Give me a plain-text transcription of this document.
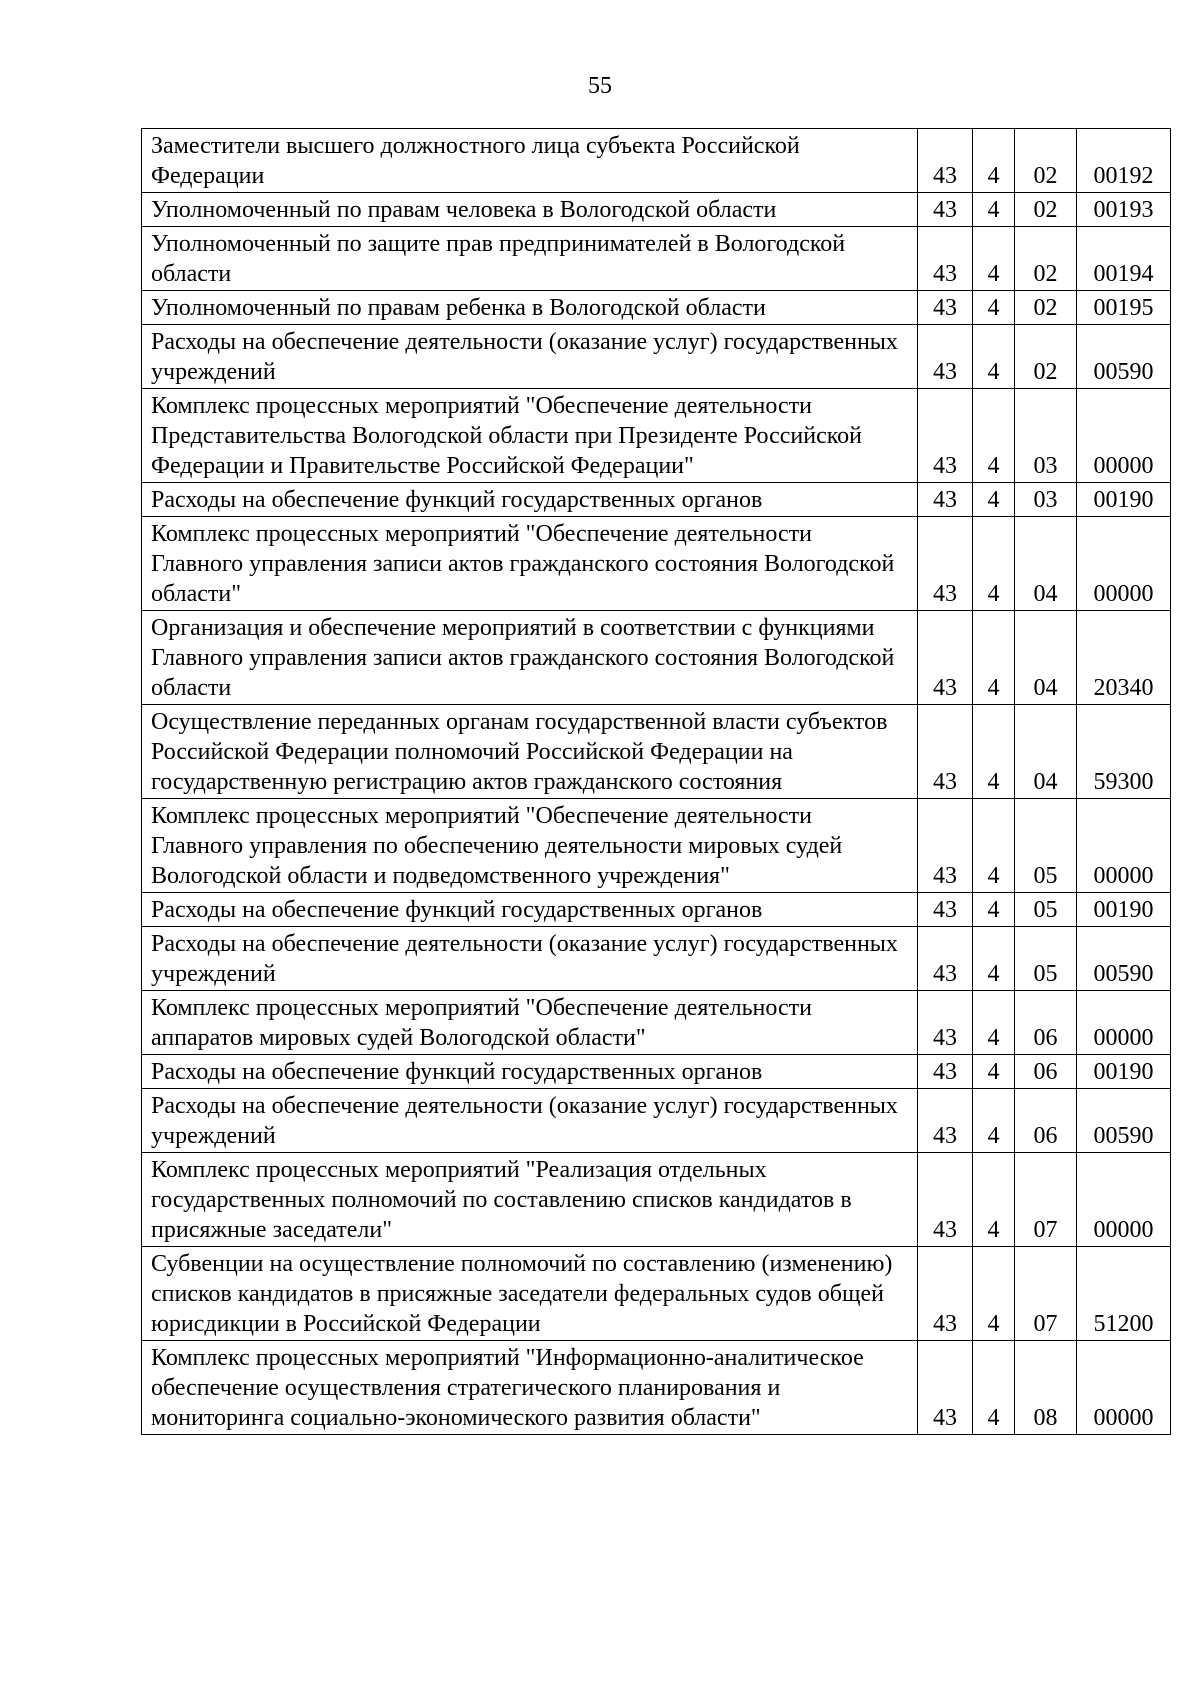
55
Заместители высшего должностного лица субъекта Российской Федерации	43	4	02	00192
Уполномоченный по правам человека в Вологодской области	43	4	02	00193
Уполномоченный по защите прав предпринимателей в Вологодской области	43	4	02	00194
Уполномоченный по правам ребенка в Вологодской области	43	4	02	00195
Расходы на обеспечение деятельности (оказание услуг) государственных учреждений	43	4	02	00590
Комплекс процессных мероприятий "Обеспечение деятельности Представительства Вологодской области при Президенте Российской Федерации и Правительстве Российской Федерации"	43	4	03	00000
Расходы на обеспечение функций государственных органов	43	4	03	00190
Комплекс процессных мероприятий "Обеспечение деятельности Главного управления записи актов гражданского состояния Вологодской области"	43	4	04	00000
Организация и обеспечение мероприятий в соответствии с функциями Главного управления записи актов гражданского состояния Вологодской области	43	4	04	20340
Осуществление переданных органам государственной власти субъектов Российской Федерации полномочий Российской Федерации на государственную регистрацию актов гражданского состояния	43	4	04	59300
Комплекс процессных мероприятий "Обеспечение деятельности Главного управления по обеспечению деятельности мировых судей Вологодской области и подведомственного учреждения"	43	4	05	00000
Расходы на обеспечение функций государственных органов	43	4	05	00190
Расходы на обеспечение деятельности (оказание услуг) государственных учреждений	43	4	05	00590
Комплекс процессных мероприятий "Обеспечение деятельности аппаратов мировых судей Вологодской области"	43	4	06	00000
Расходы на обеспечение функций государственных органов	43	4	06	00190
Расходы на обеспечение деятельности (оказание услуг) государственных учреждений	43	4	06	00590
Комплекс процессных мероприятий "Реализация отдельных государственных полномочий по составлению списков кандидатов в присяжные заседатели"	43	4	07	00000
Субвенции на осуществление полномочий по составлению (изменению) списков кандидатов в присяжные заседатели федеральных судов общей юрисдикции в Российской Федерации	43	4	07	51200
Комплекс процессных мероприятий "Информационно-аналитическое обеспечение осуществления стратегического планирования и мониторинга социально-экономического развития области"	43	4	08	00000
